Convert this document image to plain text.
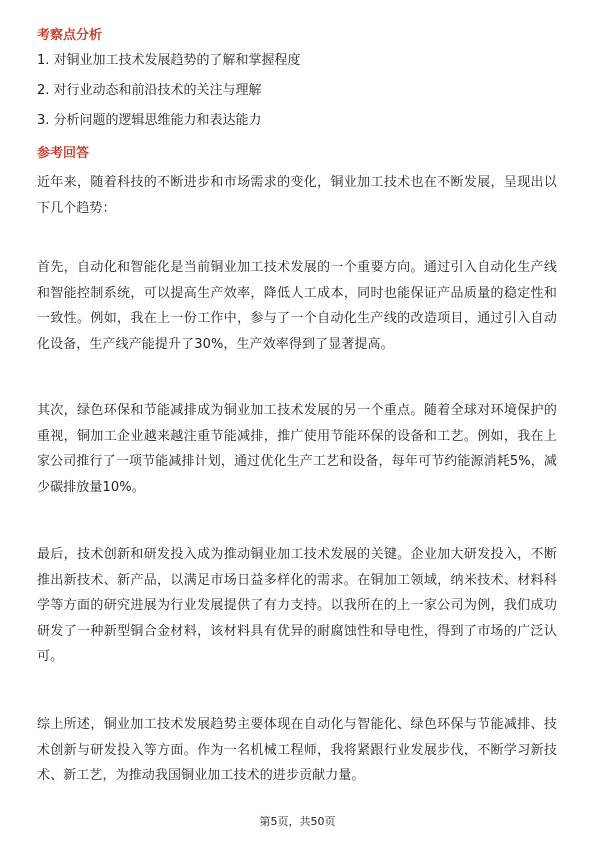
考察点分析
1. 对铜业加工技术发展趋势的了解和掌握程度
2. 对行业动态和前沿技术的关注与理解
3. 分析问题的逻辑思维能力和表达能力
参考回答
近年来，随着科技的不断进步和市场需求的变化，铜业加工技术也在不断发展，呈现出以下几个趋势：
首先，自动化和智能化是当前铜业加工技术发展的一个重要方向。通过引入自动化生产线和智能控制系统，可以提高生产效率，降低人工成本，同时也能保证产品质量的稳定性和一致性。例如，我在上一份工作中，参与了一个自动化生产线的改造项目，通过引入自动化设备，生产线产能提升了30%，生产效率得到了显著提高。
其次，绿色环保和节能减排成为铜业加工技术发展的另一个重点。随着全球对环境保护的重视，铜加工企业越来越注重节能减排，推广使用节能环保的设备和工艺。例如，我在上家公司推行了一项节能减排计划，通过优化生产工艺和设备，每年可节约能源消耗5%，减少碳排放量10%。
最后，技术创新和研发投入成为推动铜业加工技术发展的关键。企业加大研发投入，不断推出新技术、新产品，以满足市场日益多样化的需求。在铜加工领域，纳米技术、材料科学等方面的研究进展为行业发展提供了有力支持。以我所在的上一家公司为例，我们成功研发了一种新型铜合金材料，该材料具有优异的耐腐蚀性和导电性，得到了市场的广泛认可。
综上所述，铜业加工技术发展趋势主要体现在自动化与智能化、绿色环保与节能减排、技术创新与研发投入等方面。作为一名机械工程师，我将紧跟行业发展步伐，不断学习新技术、新工艺，为推动我国铜业加工技术的进步贡献力量。
第5页，共50页
